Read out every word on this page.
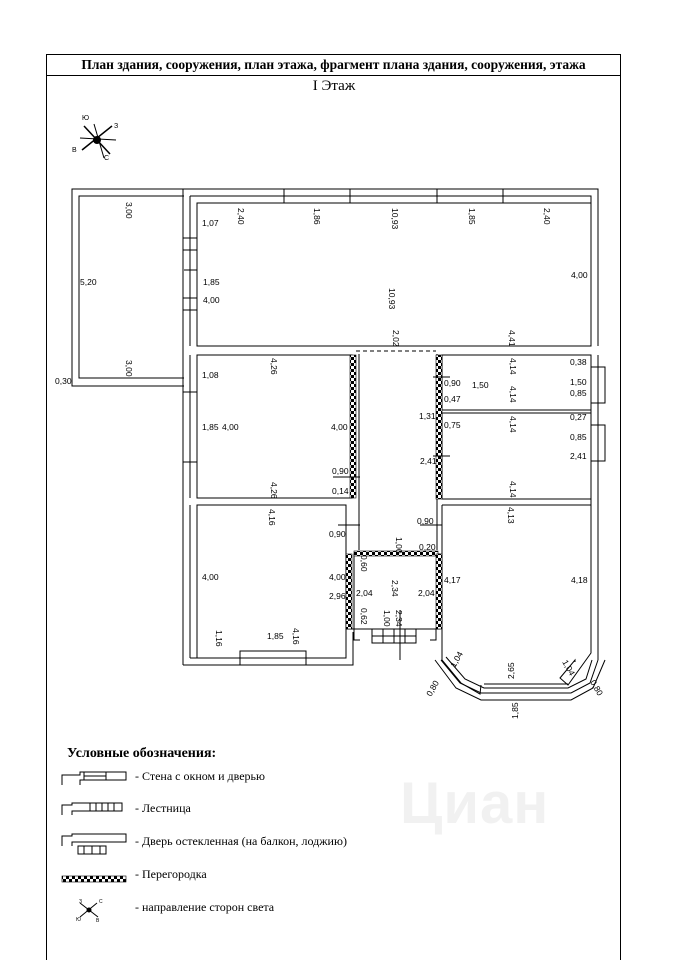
План здания, сооружения, план этажа, фрагмент плана здания, сооружения, этажа
I Этаж
Ю
З
С
В
3,00
5,20
3,00
0,30
1,07 2,40	1,86	10,93	1,85	2,40
1,85
4,00	10,93
4,00
2,02	4,41
1,08
4,26
1,85 4,00	4,00
0,90
0,14
4,26
4,16
0,90
4,00	4,00
2,96
1,16	1,85 4,16
1,31
1,00 0,20
0,60
2,04 2,34 2,04
0,62 1,00 2,34
0,90 1,50
4,14	0,38
1,50
0,85
0,47	4,14
0,75	4,14	0,27
0,85
2,41	2,41
4,14
0,90	4,13
4,17	4,18
1,04
2,65	1,04
0,80	0,80
1,85
З	С
В
Ю
Условные обозначения:
- Стена с окном и дверью
- Лестница
- Дверь остекленная (на балкон, лоджию)
- Перегородка
- направление сторон света
Циан
